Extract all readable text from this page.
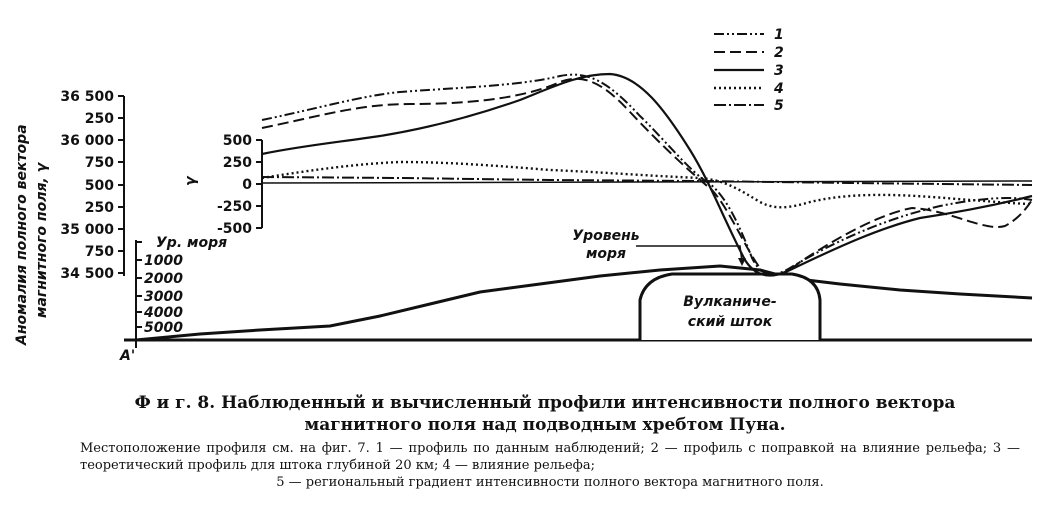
Аномалия полного вектора магнитного поля, γ
36 500
250
36 000
750
500
250
35 000
750
34 500
500
250
0
-250
-500
γ
Ур. моря
1000
2000
3000
4000
5000
A'
Вулканиче-
ский шток
Уровень
моря
1
2
3
4
5

Ф и г. 8. Наблюденный и вычисленный профили интенсивности полного вектора магнитного поля над подводным хребтом Пуна.

Местоположение профиля см. на фиг. 7. 1 — профиль по данным наблюдений; 2 — профиль с поправкой на влияние рельефа; 3 — теоретический профиль для штока глубиной 20 км; 4 — влияние рельефа;
5 — региональный градиент интенсивности полного вектора магнитного поля.
